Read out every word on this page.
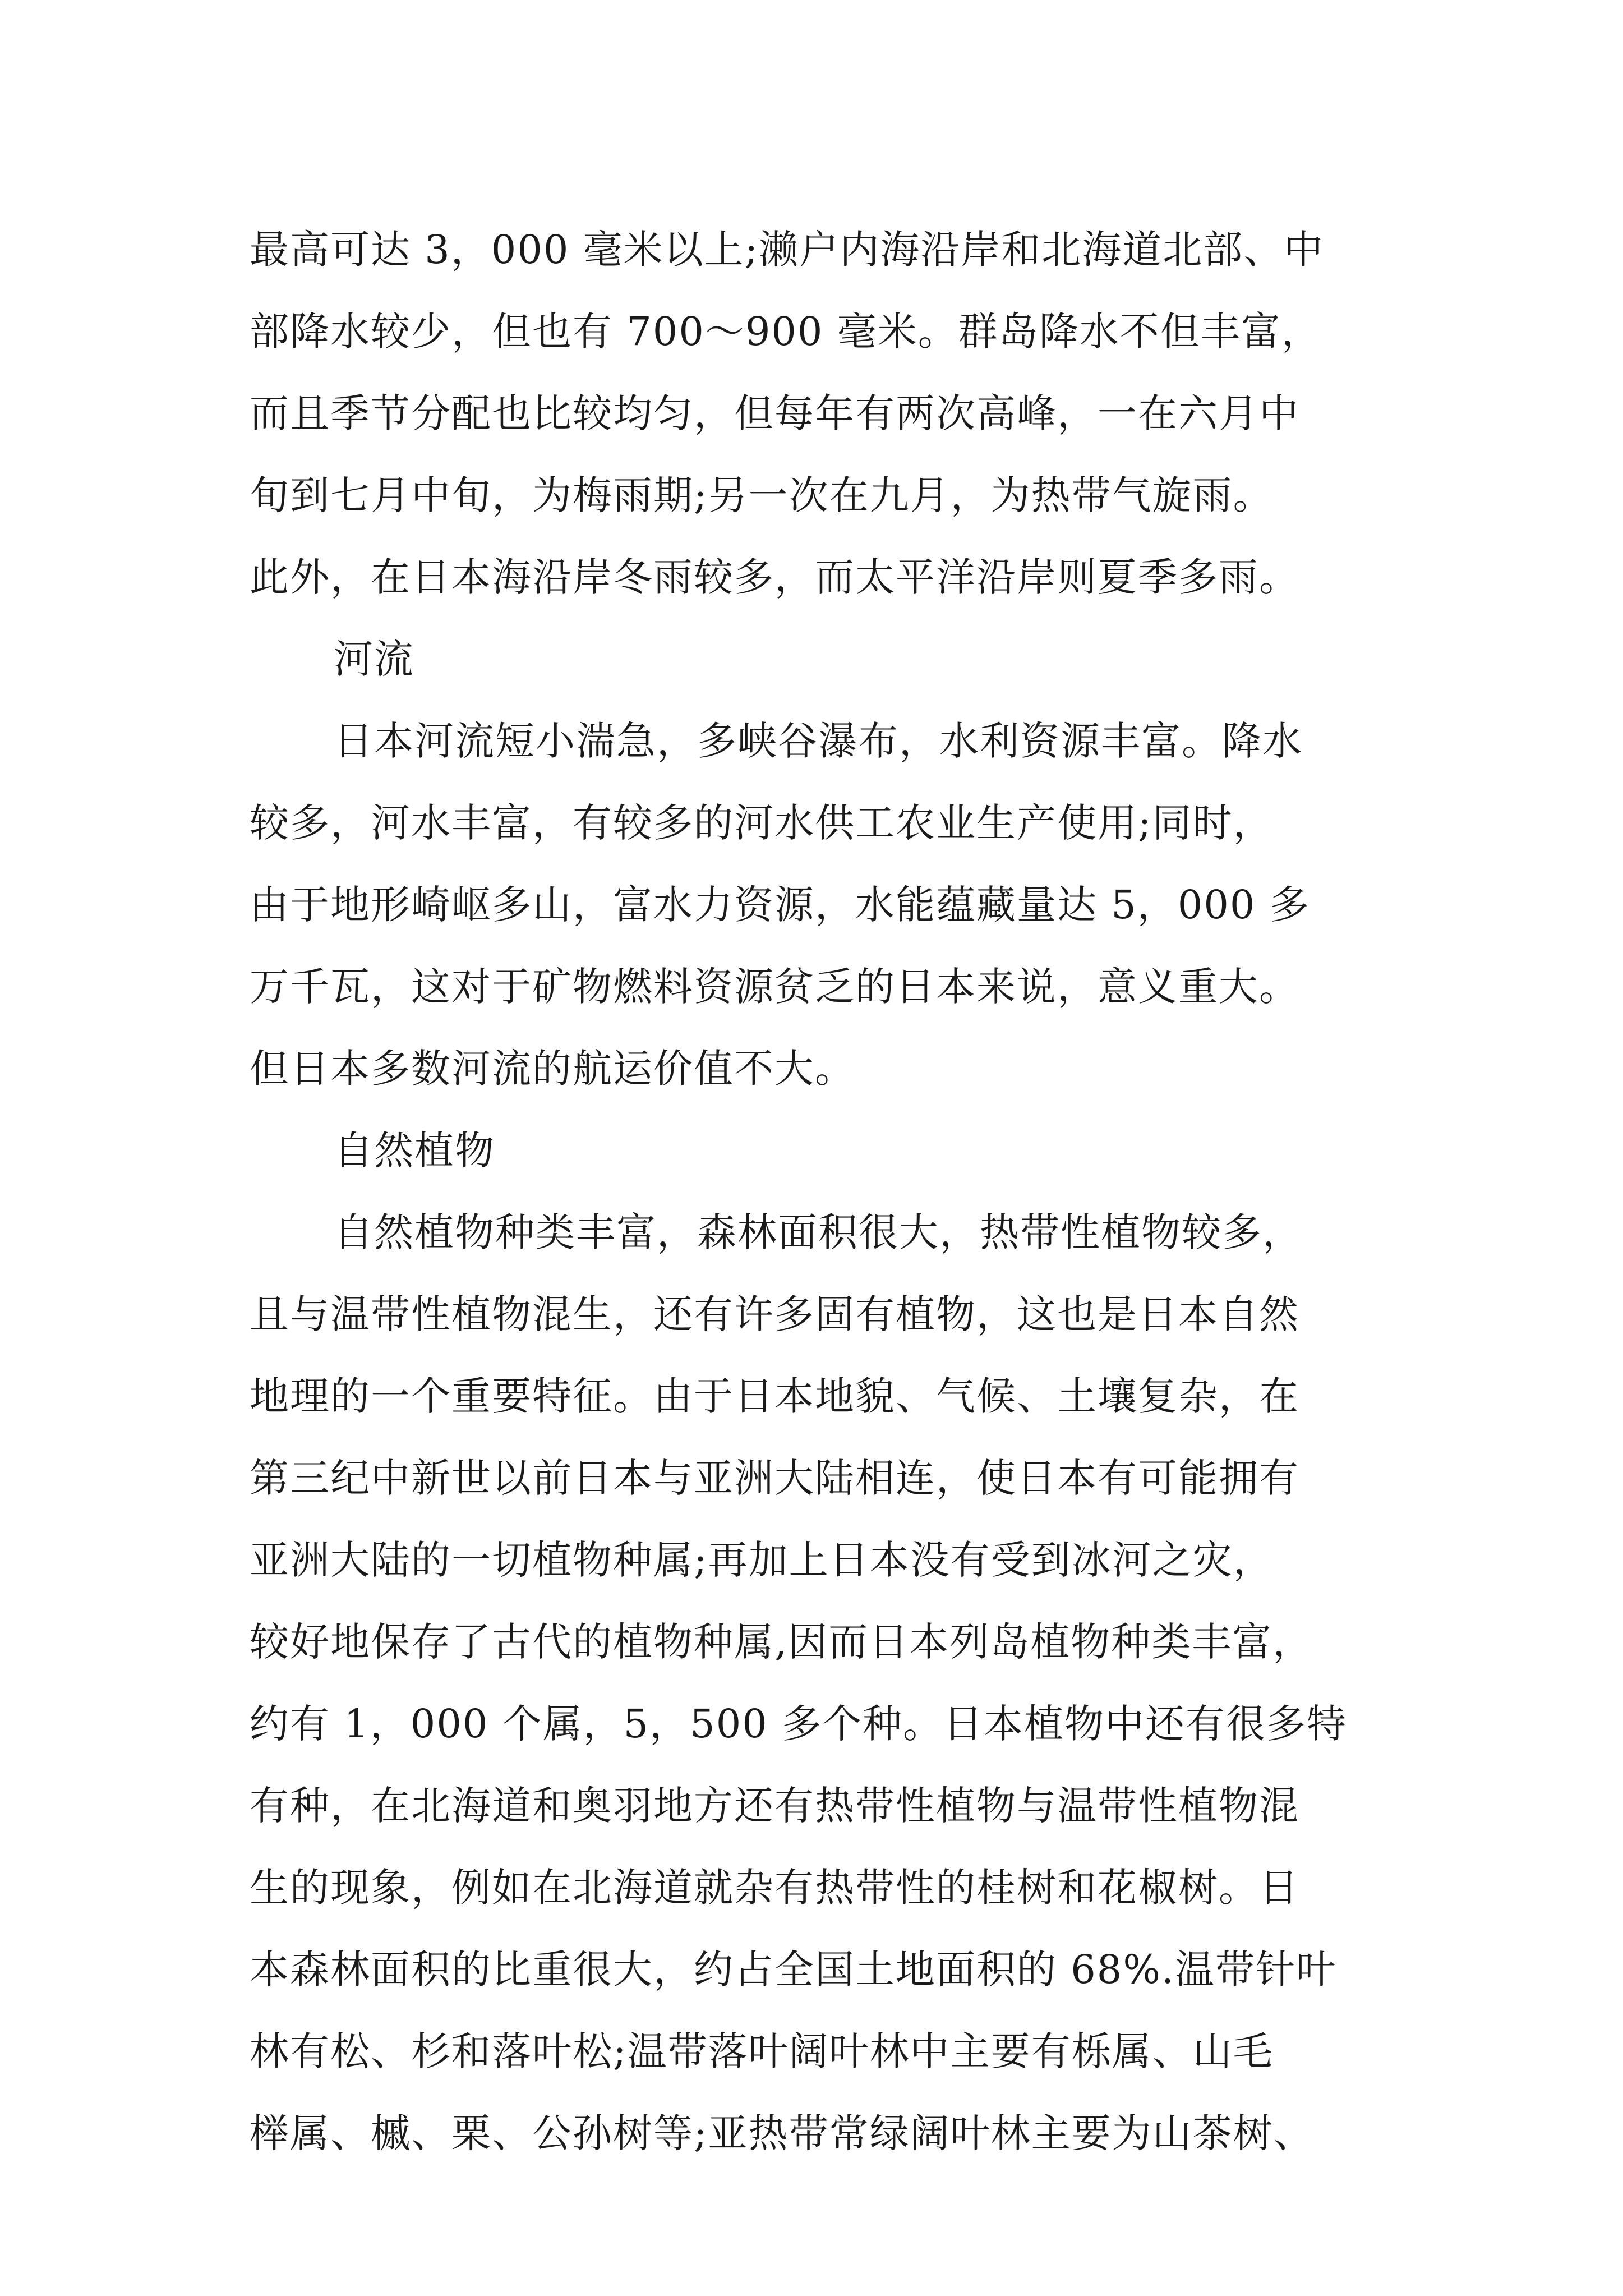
最高可达 3，000 毫米以上;濑户内海沿岸和北海道北部、中
部降水较少，但也有 700～900 毫米。群岛降水不但丰富，
而且季节分配也比较均匀，但每年有两次高峰，一在六月中
旬到七月中旬，为梅雨期;另一次在九月，为热带气旋雨。
此外，在日本海沿岸冬雨较多，而太平洋沿岸则夏季多雨。
河流
日本河流短小湍急，多峡谷瀑布，水利资源丰富。降水
较多，河水丰富，有较多的河水供工农业生产使用;同时，
由于地形崎岖多山，富水力资源，水能蕴藏量达 5，000 多
万千瓦，这对于矿物燃料资源贫乏的日本来说，意义重大。
但日本多数河流的航运价值不大。
自然植物
自然植物种类丰富，森林面积很大，热带性植物较多，
且与温带性植物混生，还有许多固有植物，这也是日本自然
地理的一个重要特征。由于日本地貌、气候、土壤复杂，在
第三纪中新世以前日本与亚洲大陆相连，使日本有可能拥有
亚洲大陆的一切植物种属;再加上日本没有受到冰河之灾，
较好地保存了古代的植物种属,因而日本列岛植物种类丰富，
约有 1，000 个属，5，500 多个种。日本植物中还有很多特
有种，在北海道和奥羽地方还有热带性植物与温带性植物混
生的现象，例如在北海道就杂有热带性的桂树和花椒树。日
本森林面积的比重很大，约占全国土地面积的 68%.温带针叶
林有松、杉和落叶松;温带落叶阔叶林中主要有栎属、山毛
榉属、槭、栗、公孙树等;亚热带常绿阔叶林主要为山茶树、
